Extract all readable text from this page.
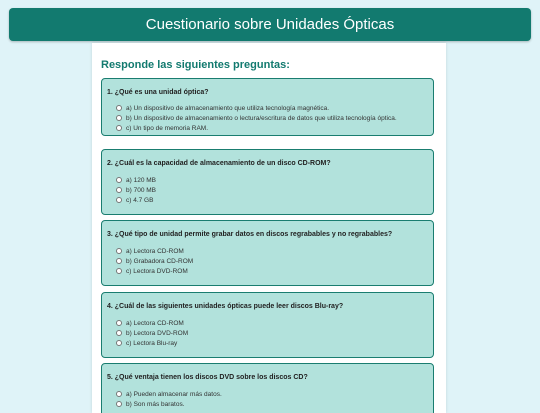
Cuestionario sobre Unidades Ópticas
Responde las siguientes preguntas:
1. ¿Qué es una unidad óptica?
a) Un dispositivo de almacenamiento que utiliza tecnología magnética.
b) Un dispositivo de almacenamiento o lectura/escritura de datos que utiliza tecnología óptica.
c) Un tipo de memoria RAM.
2. ¿Cuál es la capacidad de almacenamiento de un disco CD-ROM?
a) 120 MB
b) 700 MB
c) 4.7 GB
3. ¿Qué tipo de unidad permite grabar datos en discos regrabables y no regrabables?
a) Lectora CD-ROM
b) Grabadora CD-ROM
c) Lectora DVD-ROM
4. ¿Cuál de las siguientes unidades ópticas puede leer discos Blu-ray?
a) Lectora CD-ROM
b) Lectora DVD-ROM
c) Lectora Blu-ray
5. ¿Qué ventaja tienen los discos DVD sobre los discos CD?
a) Pueden almacenar más datos.
b) Son más baratos.
